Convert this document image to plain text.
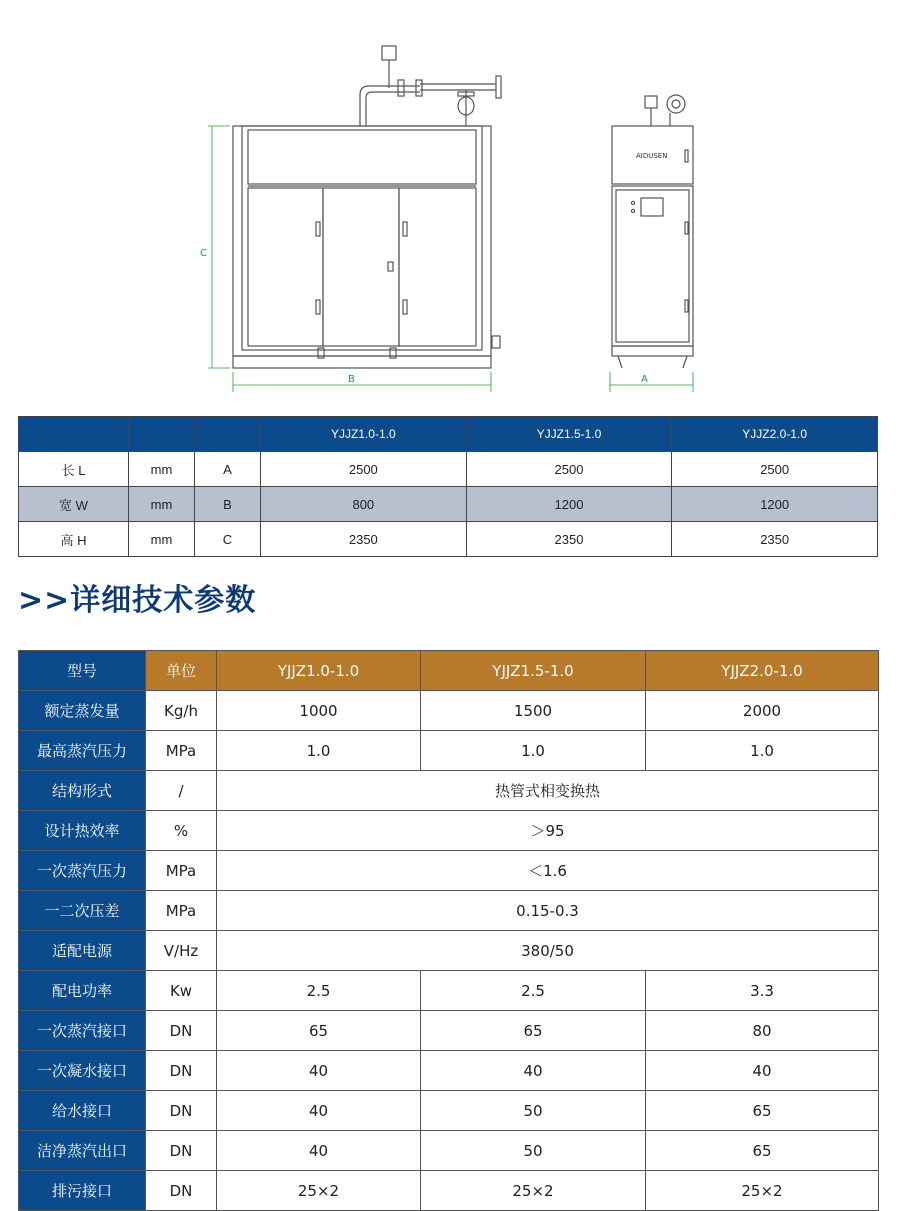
C
B	A
AIDUSEN
			YJJZ1.0-1.0	YJJZ1.5-1.0	YJJZ2.0-1.0
长 L	mm	A	2500	2500	2500
宽 W	mm	B	800	1200	1200
高 H	mm	C	2350	2350	2350
>>详细技术参数
型号	单位	YJJZ1.0-1.0	YJJZ1.5-1.0	YJJZ2.0-1.0
额定蒸发量	Kg/h	1000	1500	2000
最高蒸汽压力	MPa	1.0	1.0	1.0
结构形式	/	热管式相变换热		
设计热效率	%	＞95		
一次蒸汽压力	MPa	＜1.6		
一二次压差	MPa	0.15-0.3		
适配电源	V/Hz	380/50		
配电功率	Kw	2.5	2.5	3.3
一次蒸汽接口	DN	65	65	80
一次凝水接口	DN	40	40	40
给水接口	DN	40	50	65
洁净蒸汽出口	DN	40	50	65
排污接口	DN	25×2	25×2	25×2
